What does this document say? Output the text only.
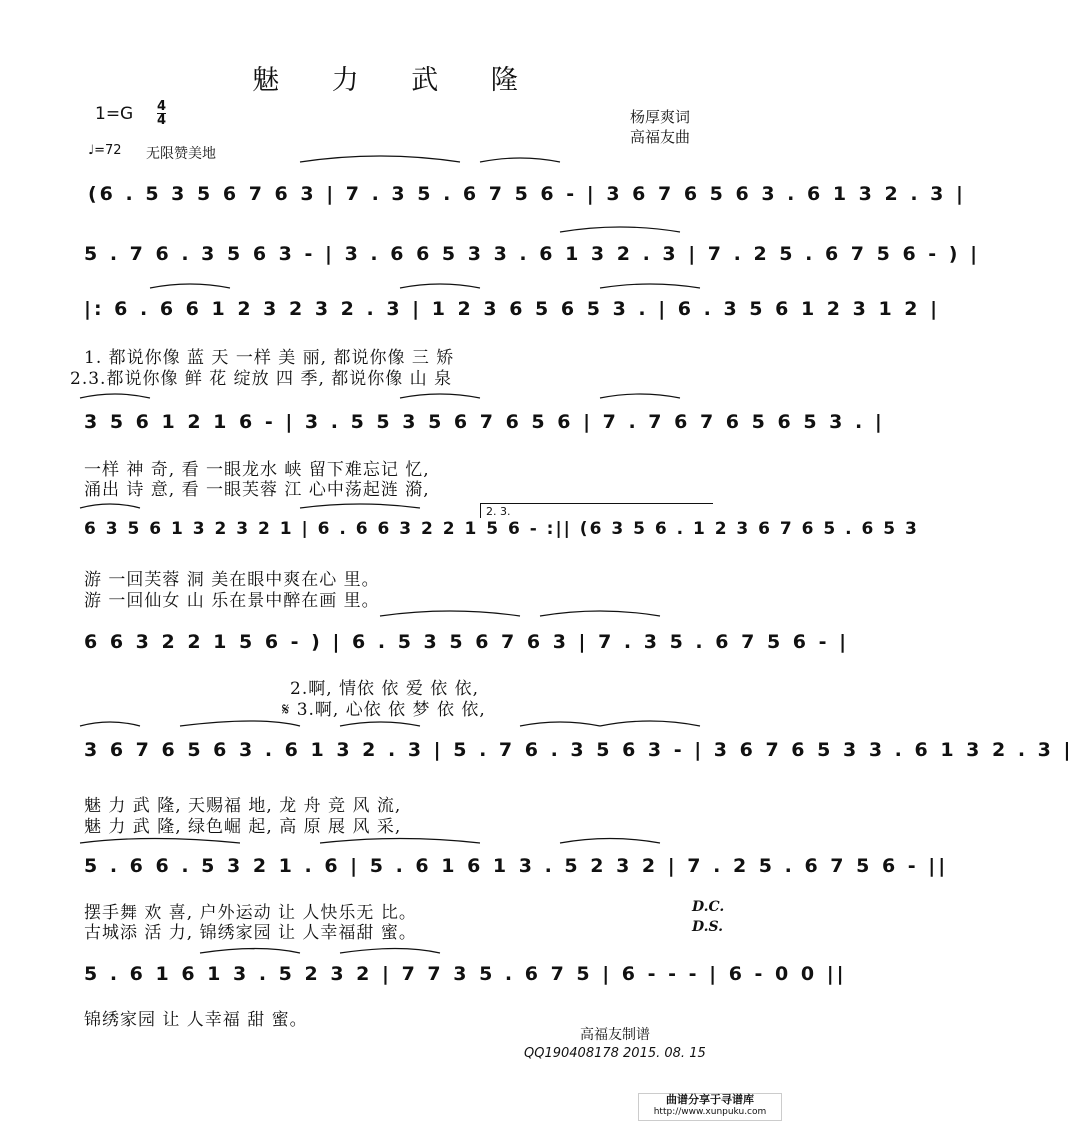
魅 力 武 隆
1=G 4
4
♩=72 无限赞美地
杨厚爽词
高福友曲
(6 . 5 3 5 6 7 6 3 | 7 . 3 5 . 6 7 5 6 - | 3 6 7 6 5 6 3 . 6 1 3 2 . 3 |
5 . 7 6 . 3 5 6 3 - | 3 . 6 6 5 3 3 . 6 1 3 2 . 3 | 7 . 2 5 . 6 7 5 6 - ) |
|: 6 . 6 6 1 2 3 2 3 2 . 3 | 1 2 3 6 5 6 5 3 . | 6 . 3 5 6 1 2 3 1 2 |
3 5 6 1 2 1 6 - | 3 . 5 5 3 5 6 7 6 5 6 | 7 . 7 6 7 6 5 6 5 3 . |
6 3 5 6 1 3 2 3 2 1 | 6 . 6 6 3 2 2 1 5 6 - :|| (6 3 5 6 . 1 2 3 6 7 6 5 . 6 5 3
6 6 3 2 2 1 5 6 - ) | 6 . 5 3 5 6 7 6 3 | 7 . 3 5 . 6 7 5 6 - |
3 6 7 6 5 6 3 . 6 1 3 2 . 3 | 5 . 7 6 . 3 5 6 3 - | 3 6 7 6 5 3 3 . 6 1 3 2 . 3 |
5 . 6 6 . 5 3 2 1 . 6 | 5 . 6 1 6 1 3 . 5 2 3 2 | 7 . 2 5 . 6 7 5 6 - ||
5 . 6 1 6 1 3 . 5 2 3 2 | 7 7 3 5 . 6 7 5 | 6 - - - | 6 - 0 0 ||
2. 3.
1. 都说你像 蓝 天 一样 美 丽, 都说你像 三 矫
2.3.都说你像 鲜 花 绽放 四 季, 都说你像 山 泉
一样 神 奇, 看 一眼龙水 峡 留下难忘记 忆,
涌出 诗 意, 看 一眼芙蓉 江 心中荡起涟 漪,
游 一回芙蓉 洞 美在眼中爽在心 里。
游 一回仙女 山 乐在景中醉在画 里。
2.啊, 情依 依 爱 依 依,
𝄋 3.啊, 心依 依 梦 依 依,
魅 力 武 隆, 天赐福 地, 龙 舟 竞 风 流,
魅 力 武 隆, 绿色崛 起, 高 原 展 风 采,
摆手舞 欢 喜, 户外运动 让 人快乐无 比。
古城添 活 力, 锦绣家园 让 人幸福甜 蜜。
D.C.
D.S.
锦绣家园 让 人幸福 甜 蜜。
高福友制谱
QQ190408178 2015. 08. 15
曲谱分享于寻谱库
http://www.xunpuku.com
